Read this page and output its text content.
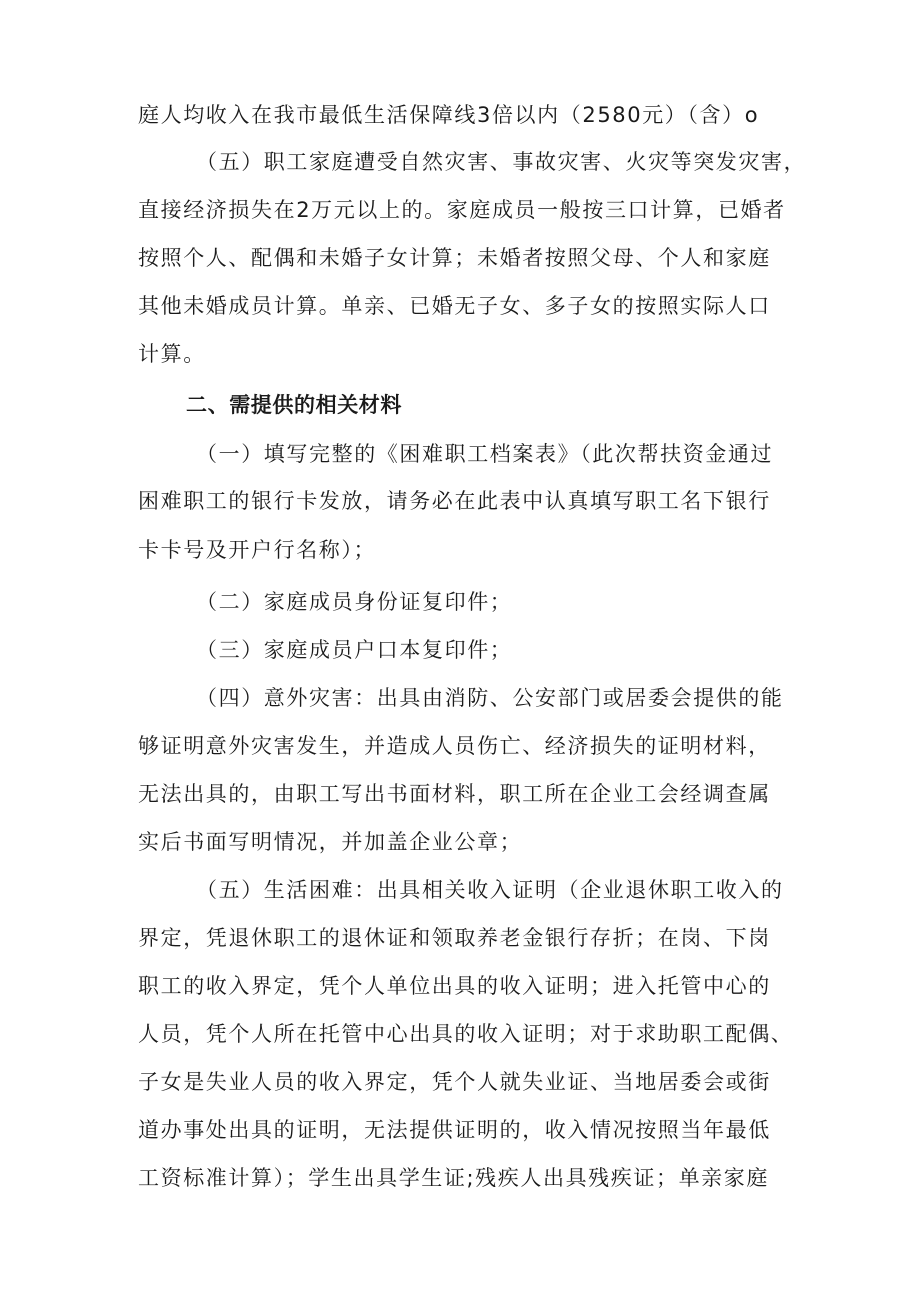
庭人均收入在我市最低生活保障线3倍以内（2580元）（含）o
（五）职工家庭遭受自然灾害、事故灾害、火灾等突发灾害，
直接经济损失在2万元以上的。家庭成员一般按三口计算，已婚者
按照个人、配偶和未婚子女计算；未婚者按照父母、个人和家庭
其他未婚成员计算。单亲、已婚无子女、多子女的按照实际人口
计算。
二、需提供的相关材料
（一）填写完整的《困难职工档案表》（此次帮扶资金通过
困难职工的银行卡发放，请务必在此表中认真填写职工名下银行
卡卡号及开户行名称）；
（二）家庭成员身份证复印件；
（三）家庭成员户口本复印件；
（四）意外灾害：出具由消防、公安部门或居委会提供的能
够证明意外灾害发生，并造成人员伤亡、经济损失的证明材料，
无法出具的，由职工写出书面材料，职工所在企业工会经调查属
实后书面写明情况，并加盖企业公章；
（五）生活困难：出具相关收入证明（企业退休职工收入的
界定，凭退休职工的退休证和领取养老金银行存折；在岗、下岗
职工的收入界定，凭个人单位出具的收入证明；进入托管中心的
人员，凭个人所在托管中心出具的收入证明；对于求助职工配偶、
子女是失业人员的收入界定，凭个人就失业证、当地居委会或街
道办事处出具的证明，无法提供证明的，收入情况按照当年最低
工资标准计算）；学生出具学生证;残疾人出具残疾证；单亲家庭
